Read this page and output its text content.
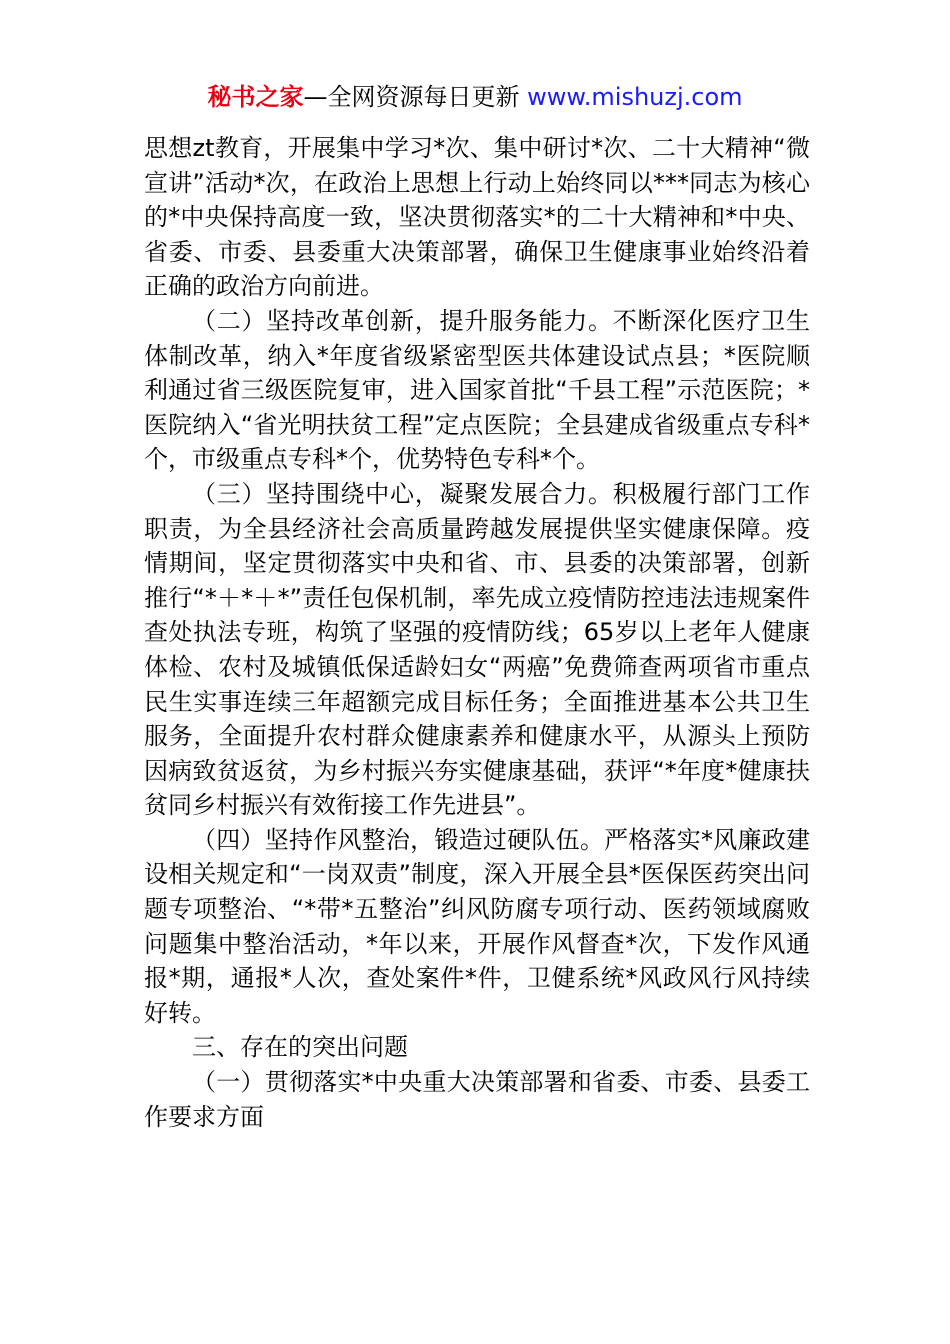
秘书之家—全网资源每日更新 www.mishuzj.com

思想zt教育，开展集中学习*次、集中研讨*次、二十大精神“微宣讲”活动*次，在政治上思想上行动上始终同以***同志为核心的*中央保持高度一致，坚决贯彻落实*的二十大精神和*中央、省委、市委、县委重大决策部署，确保卫生健康事业始终沿着正确的政治方向前进。

（二）坚持改革创新，提升服务能力。不断深化医疗卫生体制改革，纳入*年度省级紧密型医共体建设试点县；*医院顺利通过省三级医院复审，进入国家首批“千县工程”示范医院；*医院纳入“省光明扶贫工程”定点医院；全县建成省级重点专科*个，市级重点专科*个，优势特色专科*个。

（三）坚持围绕中心，凝聚发展合力。积极履行部门工作职责，为全县经济社会高质量跨越发展提供坚实健康保障。疫情期间，坚定贯彻落实中央和省、市、县委的决策部署，创新推行“*＋*＋*”责任包保机制，率先成立疫情防控违法违规案件查处执法专班，构筑了坚强的疫情防线；65岁以上老年人健康体检、农村及城镇低保适龄妇女“两癌”免费筛查两项省市重点民生实事连续三年超额完成目标任务；全面推进基本公共卫生服务，全面提升农村群众健康素养和健康水平，从源头上预防因病致贫返贫，为乡村振兴夯实健康基础，获评“*年度*健康扶贫同乡村振兴有效衔接工作先进县”。

（四）坚持作风整治，锻造过硬队伍。严格落实*风廉政建设相关规定和“一岗双责”制度，深入开展全县*医保医药突出问题专项整治、“*带*五整治”纠风防腐专项行动、医药领域腐败问题集中整治活动，*年以来，开展作风督查*次，下发作风通报*期，通报*人次，查处案件*件，卫健系统*风政风行风持续好转。

三、存在的突出问题

（一）贯彻落实*中央重大决策部署和省委、市委、县委工作要求方面
